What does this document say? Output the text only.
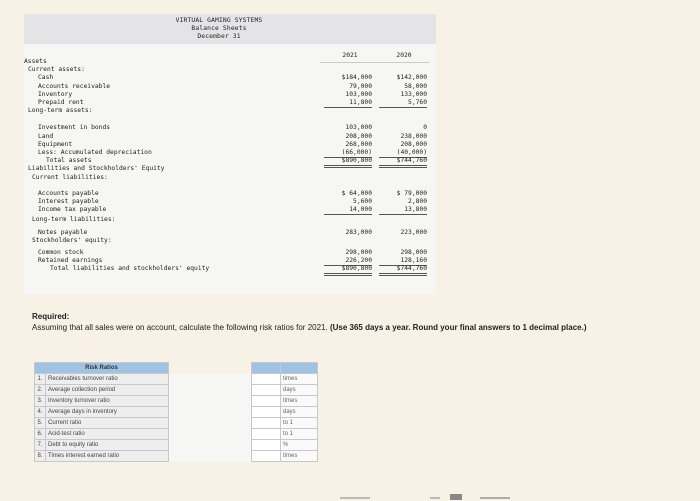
VIRTUAL GAMING SYSTEMS
Balance Sheets
December 31
2021	2020
Assets
Current assets:
Cash	$184,000	$142,000
Accounts receivable	79,000	58,000
Inventory	103,000	133,000
Prepaid rent	11,800	5,760
Long-term assets:
Investment in bonds	103,000	0
Land	208,000	238,000
Equipment	268,000	208,000
Less: Accumulated depreciation	(66,000)	(40,000)
Total assets	$890,800	$744,760
Liabilities and Stockholders' Equity
Current liabilities:
Accounts payable	$ 64,000	$ 79,000
Interest payable	5,600	2,800
Income tax payable	14,000	13,800
Long-term liabilities:
Notes payable	283,000	223,000
Stockholders' equity:
Common stock	298,000	298,000
Retained earnings	226,200	128,160
Total liabilities and stockholders' equity	$890,800	$744,760
Required:
Assuming that all sales were on account, calculate the following risk ratios for 2021. (Use 365 days a year. Round your final answers to 1 decimal place.)
Risk Ratios				
1.	Receivables turnover ratio			times
2.	Average collection period			days
3.	Inventory turnover ratio			times
4.	Average days in inventory			days
5.	Current ratio			to 1
6.	Acid-test ratio			to 1
7.	Debt to equity ratio			%
8.	Times interest earned ratio			times
